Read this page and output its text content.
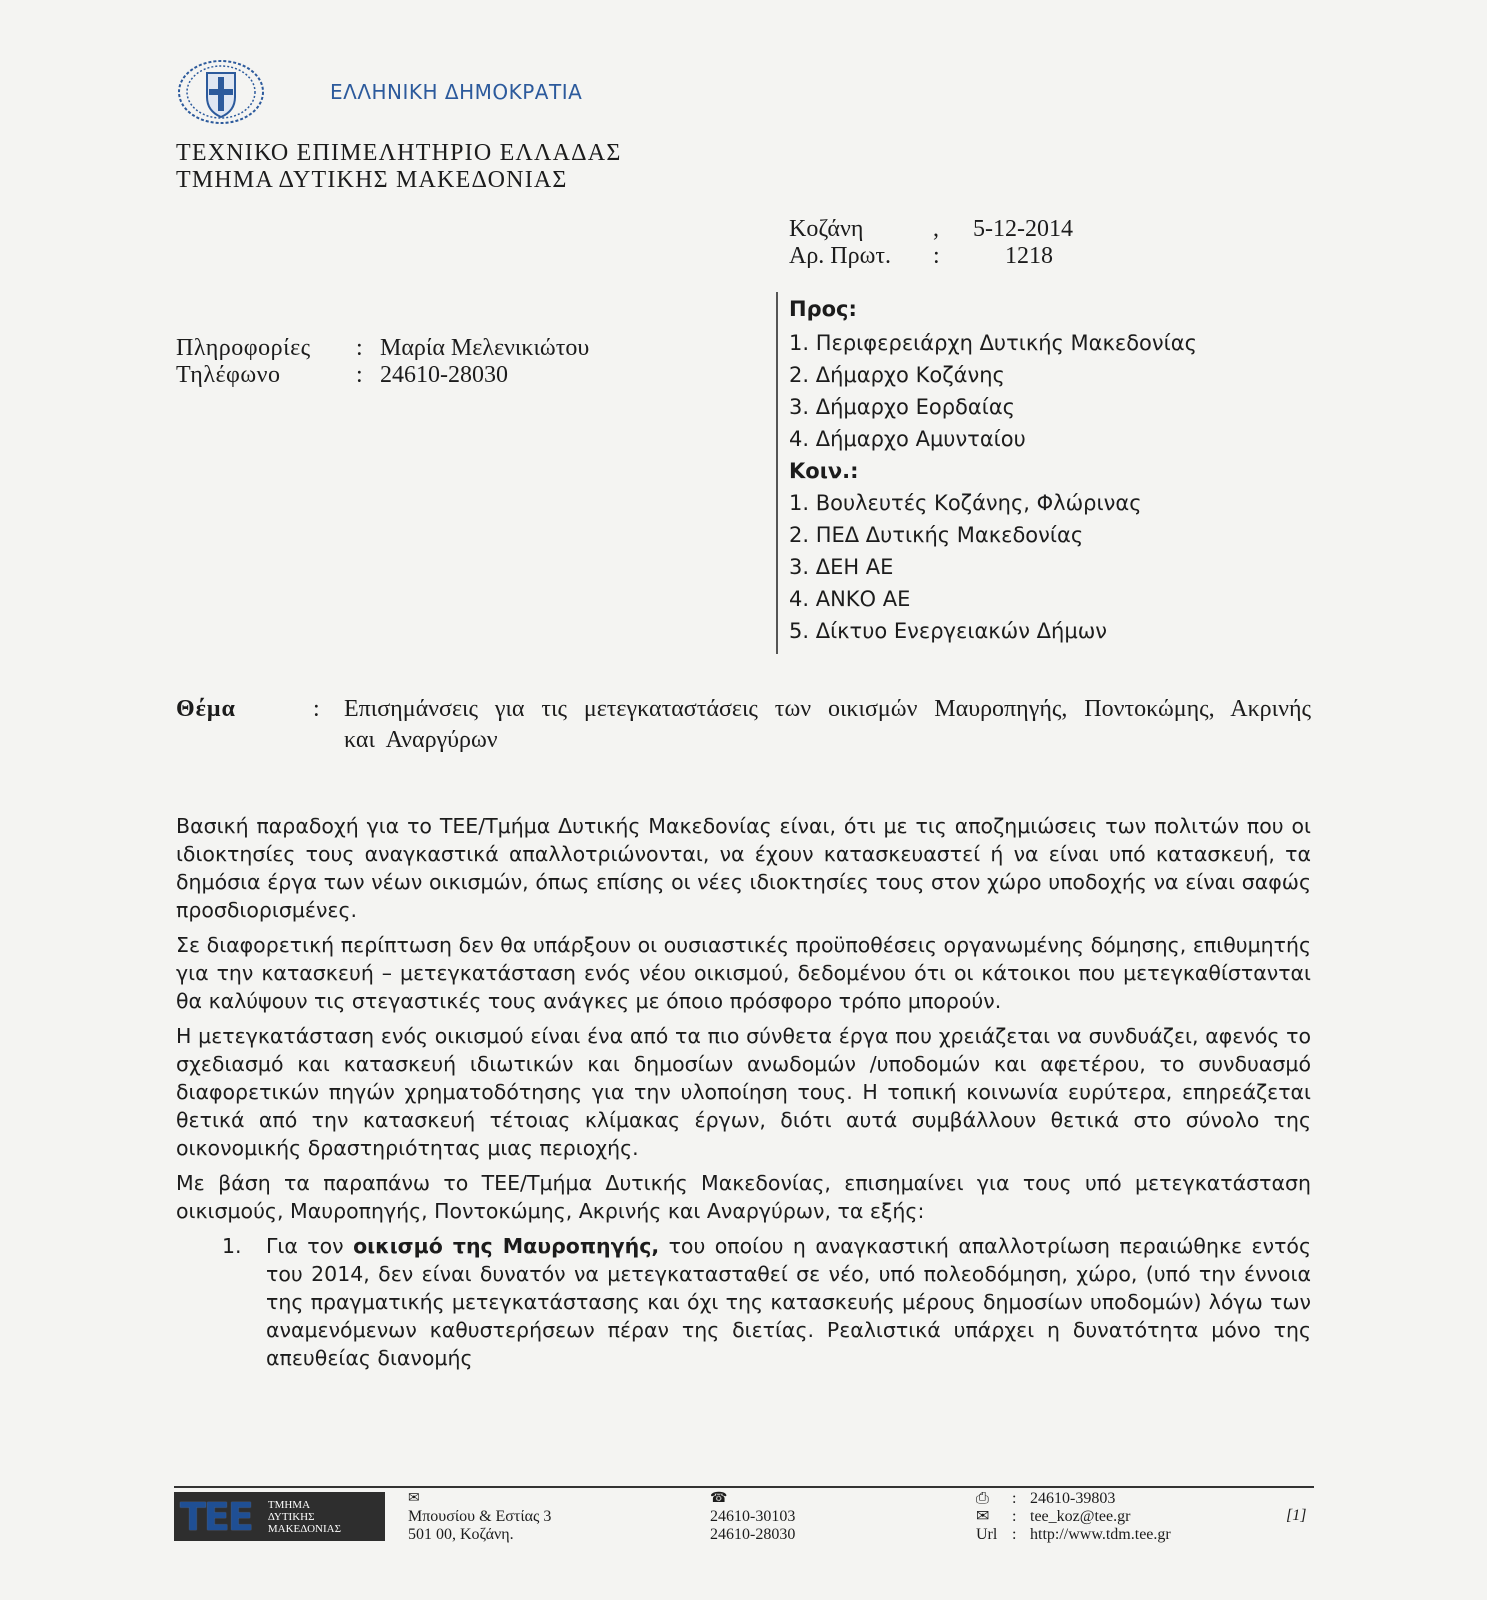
ΕΛΛΗΝΙΚΗ ΔΗΜΟΚΡΑΤΙΑ
ΤΕΧΝΙΚΟ ΕΠΙΜΕΛΗΤΗΡΙΟ ΕΛΛΑΔΑΣ
ΤΜΗΜΑ ΔΥΤΙΚΗΣ ΜΑΚΕΔΟΝΙΑΣ
Κοζάνη	,	5-12-2014
Αρ. Πρωτ.	:	1218
Πληροφορίες	: Μαρία Μελενικιώτου
Τηλέφωνο	: 24610-28030
Προς:
1. Περιφερειάρχη Δυτικής Μακεδονίας
2. Δήμαρχο Κοζάνης
3. Δήμαρχο Εορδαίας
4. Δήμαρχο Αμυνταίου
Κοιν.:
1. Βουλευτές Κοζάνης, Φλώρινας
2. ΠΕΔ Δυτικής Μακεδονίας
3. ΔΕΗ ΑΕ
4. ΑΝΚΟ ΑΕ
5. Δίκτυο Ενεργειακών Δήμων
Θέμα	: Επισημάνσεις για τις μετεγκαταστάσεις των οικισμών Μαυροπηγής, Ποντοκώμης, Ακρινής και Αναργύρων

Βασική παραδοχή για το ΤΕΕ/Τμήμα Δυτικής Μακεδονίας είναι, ότι με τις αποζημιώσεις των πολιτών που οι ιδιοκτησίες τους αναγκαστικά απαλλοτριώνονται, να έχουν κατασκευαστεί ή να είναι υπό κατασκευή, τα δημόσια έργα των νέων οικισμών, όπως επίσης οι νέες ιδιοκτησίες τους στον χώρο υποδοχής να είναι σαφώς προσδιορισμένες.

Σε διαφορετική περίπτωση δεν θα υπάρξουν οι ουσιαστικές προϋποθέσεις οργανωμένης δόμησης, επιθυμητής για την κατασκευή – μετεγκατάσταση ενός νέου οικισμού, δεδομένου ότι οι κάτοικοι που μετεγκαθίστανται θα καλύψουν τις στεγαστικές τους ανάγκες με όποιο πρόσφορο τρόπο μπορούν.

Η μετεγκατάσταση ενός οικισμού είναι ένα από τα πιο σύνθετα έργα που χρειάζεται να συνδυάζει, αφενός το σχεδιασμό και κατασκευή ιδιωτικών και δημοσίων ανωδομών /υποδομών και αφετέρου, το συνδυασμό διαφορετικών πηγών χρηματοδότησης για την υλοποίηση τους. Η τοπική κοινωνία ευρύτερα, επηρεάζεται θετικά από την κατασκευή τέτοιας κλίμακας έργων, διότι αυτά συμβάλλουν θετικά στο σύνολο της οικονομικής δραστηριότητας μιας περιοχής.

Με βάση τα παραπάνω το ΤΕΕ/Τμήμα Δυτικής Μακεδονίας, επισημαίνει για τους υπό μετεγκατάσταση οικισμούς, Μαυροπηγής, Ποντοκώμης, Ακρινής και Αναργύρων, τα εξής:

1. Για τον οικισμό της Μαυροπηγής, του οποίου η αναγκαστική απαλλοτρίωση περαιώθηκε εντός του 2014, δεν είναι δυνατόν να μετεγκατασταθεί σε νέο, υπό πολεοδόμηση, χώρο, (υπό την έννοια της πραγματικής μετεγκατάστασης και όχι της κατασκευής μέρους δημοσίων υποδομών) λόγω των αναμενόμενων καθυστερήσεων πέραν της διετίας. Ρεαλιστικά υπάρχει η δυνατότητα μόνο της απευθείας διανομής
ΤΕΕ ΤΜΗΜΑ
ΔΥΤΙΚΗΣ
ΜΑΚΕΔΟΝΙΑΣ
✉
Μπουσίου & Εστίας 3
501 00, Κοζάνη.
☎
24610-30103
24610-28030
⎙	: 24610-39803
✉	: tee_koz@tee.gr
Url : http://www.tdm.tee.gr
[1]
